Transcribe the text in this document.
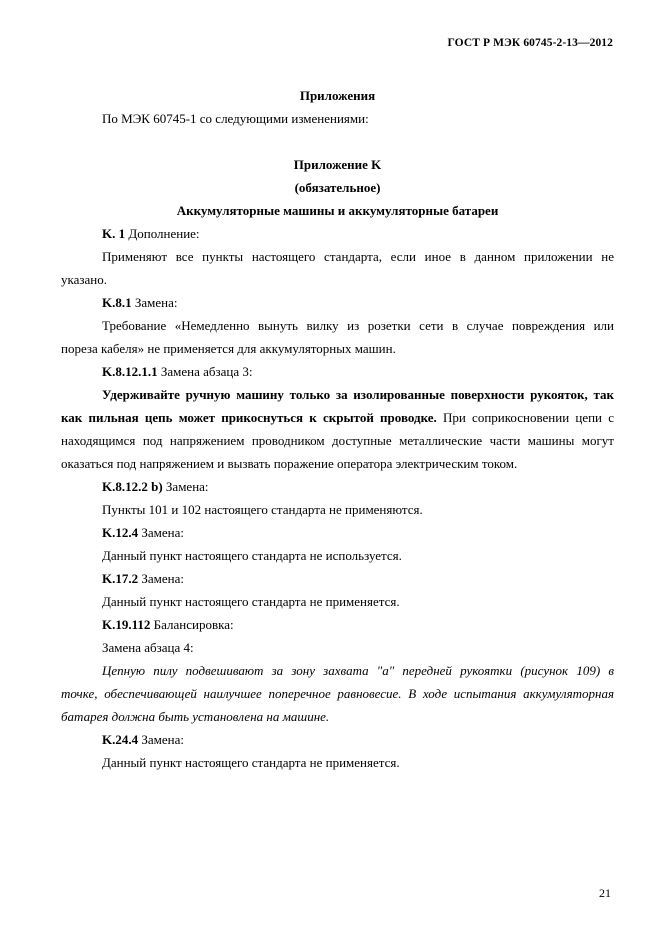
ГОСТ Р МЭК 60745-2-13—2012
Приложения
По МЭК 60745-1 со следующими изменениями:
Приложение K
(обязательное)
Аккумуляторные машины и аккумуляторные батареи
K. 1 Дополнение:
Применяют все пункты настоящего стандарта, если иное в данном приложении не
указано.
K.8.1 Замена:
Требование «Немедленно вынуть вилку из розетки сети в случае повреждения или
пореза кабеля» не применяется для аккумуляторных машин.
K.8.12.1.1 Замена абзаца 3:
Удерживайте ручную машину только за изолированные поверхности рукояток, так
как пильная цепь может прикоснуться к скрытой проводке. При соприкосновении цепи с
находящимся под напряжением проводником доступные металлические части машины могут
оказаться под напряжением и вызвать поражение оператора электрическим током.
K.8.12.2 b) Замена:
Пункты 101 и 102 настоящего стандарта не применяются.
K.12.4 Замена:
Данный пункт настоящего стандарта не используется.
K.17.2 Замена:
Данный пункт настоящего стандарта не применяется.
K.19.112 Балансировка:
Замена абзаца 4:
Цепную пилу подвешивают за зону захвата "a" передней рукоятки (рисунок 109) в
точке, обеспечивающей наилучшее поперечное равновесие. В ходе испытания аккумуляторная
батарея должна быть установлена на машине.
K.24.4 Замена:
Данный пункт настоящего стандарта не применяется.
21
